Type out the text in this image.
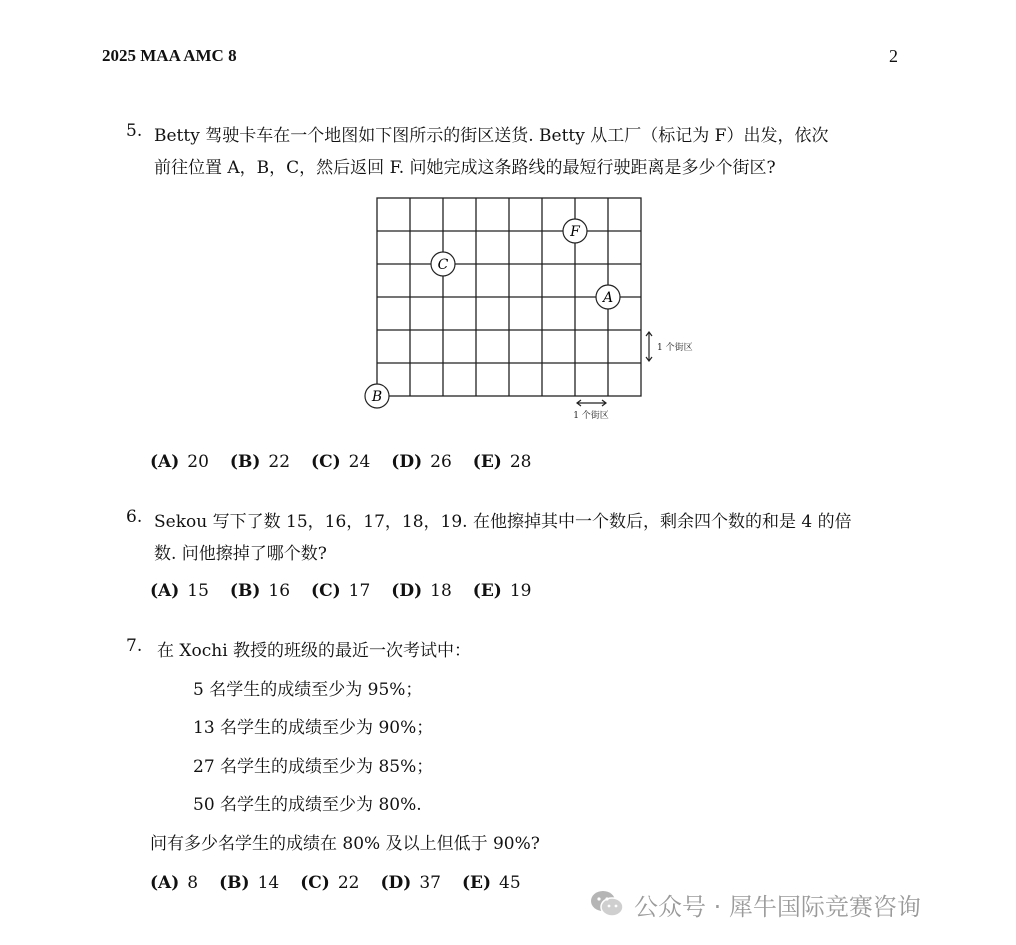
2025 MAA AMC 8	2
5. Betty 驾驶卡车在一个地图如下图所示的街区送货. Betty 从工厂（标记为 F）出发，依次
前往位置 A，B，C，然后返回 F. 问她完成这条路线的最短行驶距离是多少个街区?
F
C
A
B
1 个街区
1 个街区
(A) 20 (B) 22 (C) 24 (D) 26 (E) 28
6. Sekou 写下了数 15，16，17，18，19. 在他擦掉其中一个数后，剩余四个数的和是 4 的倍
数. 问他擦掉了哪个数?
(A) 15 (B) 16 (C) 17 (D) 18 (E) 19
7. 在 Xochi 教授的班级的最近一次考试中：
5 名学生的成绩至少为 95%；
13 名学生的成绩至少为 90%；
27 名学生的成绩至少为 85%；
50 名学生的成绩至少为 80%.
问有多少名学生的成绩在 80% 及以上但低于 90%?
(A) 8 (B) 14 (C) 22 (D) 37 (E) 45
公众号 · 犀牛国际竞赛咨询
